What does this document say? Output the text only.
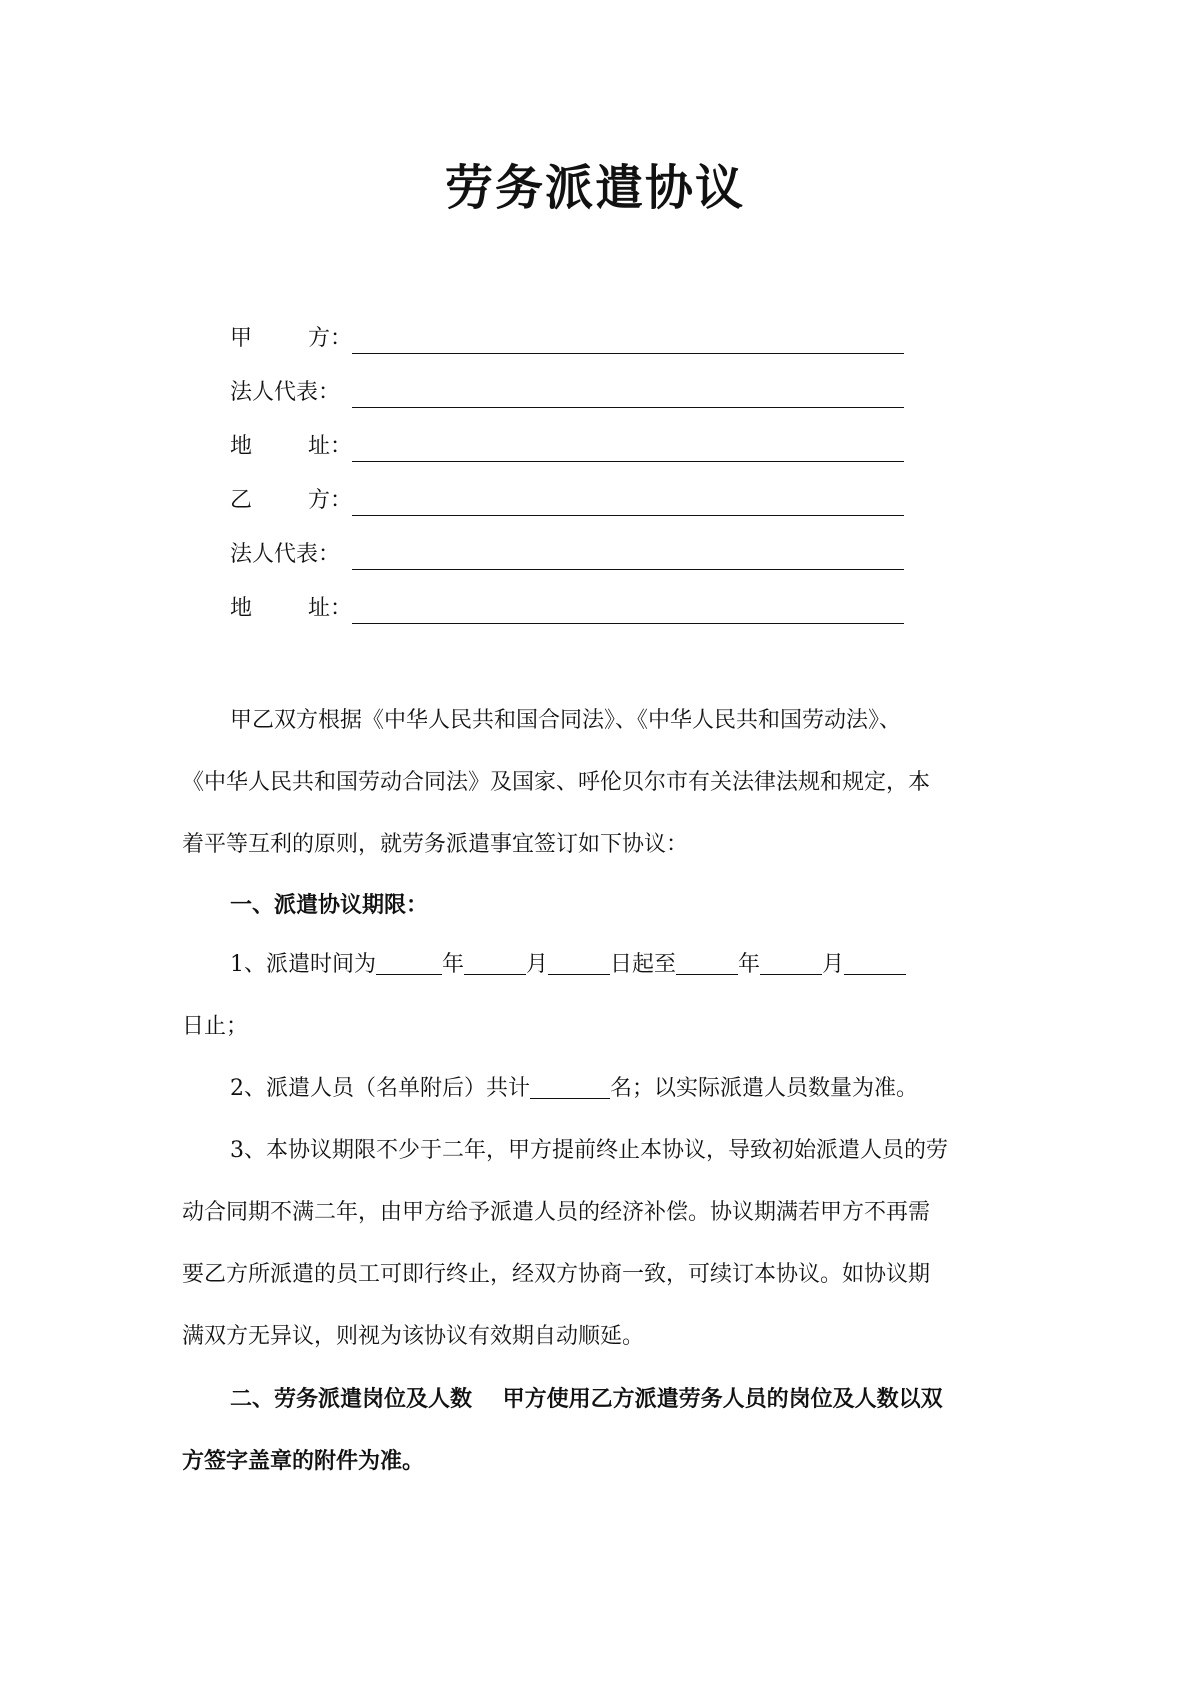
劳务派遣协议
甲        方：
法人代表：
地        址：
乙        方：
法人代表：
地        址：
甲乙双方根据《中华人民共和国合同法》、《中华人民共和国劳动法》、
《中华人民共和国劳动合同法》及国家、呼伦贝尔市有关法律法规和规定，本
着平等互利的原则，就劳务派遣事宜签订如下协议：
一、派遣协议期限：
1、派遣时间为	年	月	日起至	年	月
日止；
2、派遣人员（名单附后）共计	名；以实际派遣人员数量为准。
3、本协议期限不少于二年，甲方提前终止本协议，导致初始派遣人员的劳
动合同期不满二年，由甲方给予派遣人员的经济补偿。协议期满若甲方不再需
要乙方所派遣的员工可即行终止，经双方协商一致，可续订本协议。如协议期
满双方无异议，则视为该协议有效期自动顺延。
二、劳务派遣岗位及人数    甲方使用乙方派遣劳务人员的岗位及人数以双
方签字盖章的附件为准。
